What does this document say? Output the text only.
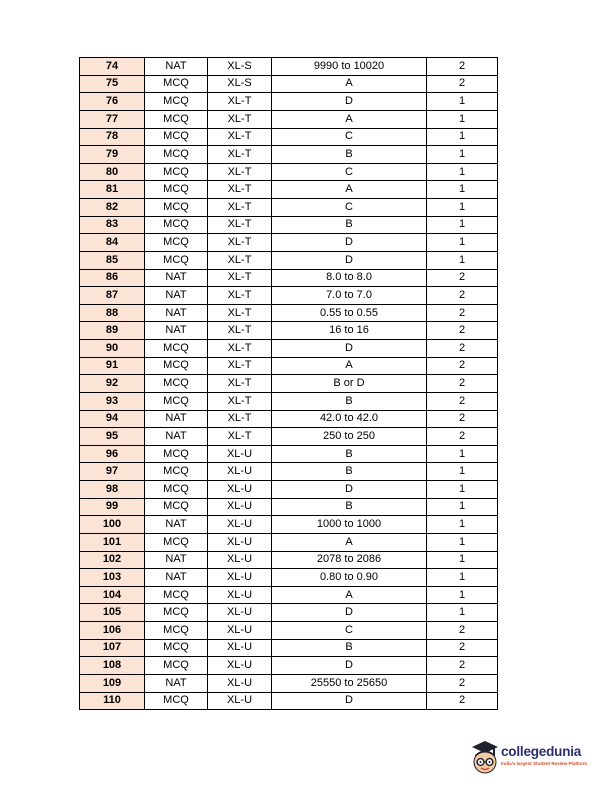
74	NAT	XL-S	9990 to 10020	2
75	MCQ	XL-S	A	2
76	MCQ	XL-T	D	1
77	MCQ	XL-T	A	1
78	MCQ	XL-T	C	1
79	MCQ	XL-T	B	1
80	MCQ	XL-T	C	1
81	MCQ	XL-T	A	1
82	MCQ	XL-T	C	1
83	MCQ	XL-T	B	1
84	MCQ	XL-T	D	1
85	MCQ	XL-T	D	1
86	NAT	XL-T	8.0 to 8.0	2
87	NAT	XL-T	7.0 to 7.0	2
88	NAT	XL-T	0.55 to 0.55	2
89	NAT	XL-T	16 to 16	2
90	MCQ	XL-T	D	2
91	MCQ	XL-T	A	2
92	MCQ	XL-T	B or D	2
93	MCQ	XL-T	B	2
94	NAT	XL-T	42.0 to 42.0	2
95	NAT	XL-T	250 to 250	2
96	MCQ	XL-U	B	1
97	MCQ	XL-U	B	1
98	MCQ	XL-U	D	1
99	MCQ	XL-U	B	1
100	NAT	XL-U	1000 to 1000	1
101	MCQ	XL-U	A	1
102	NAT	XL-U	2078 to 2086	1
103	NAT	XL-U	0.80 to 0.90	1
104	MCQ	XL-U	A	1
105	MCQ	XL-U	D	1
106	MCQ	XL-U	C	2
107	MCQ	XL-U	B	2
108	MCQ	XL-U	D	2
109	NAT	XL-U	25550 to 25650	2
110	MCQ	XL-U	D	2
collegedunia
India's largest Student Review Platform
